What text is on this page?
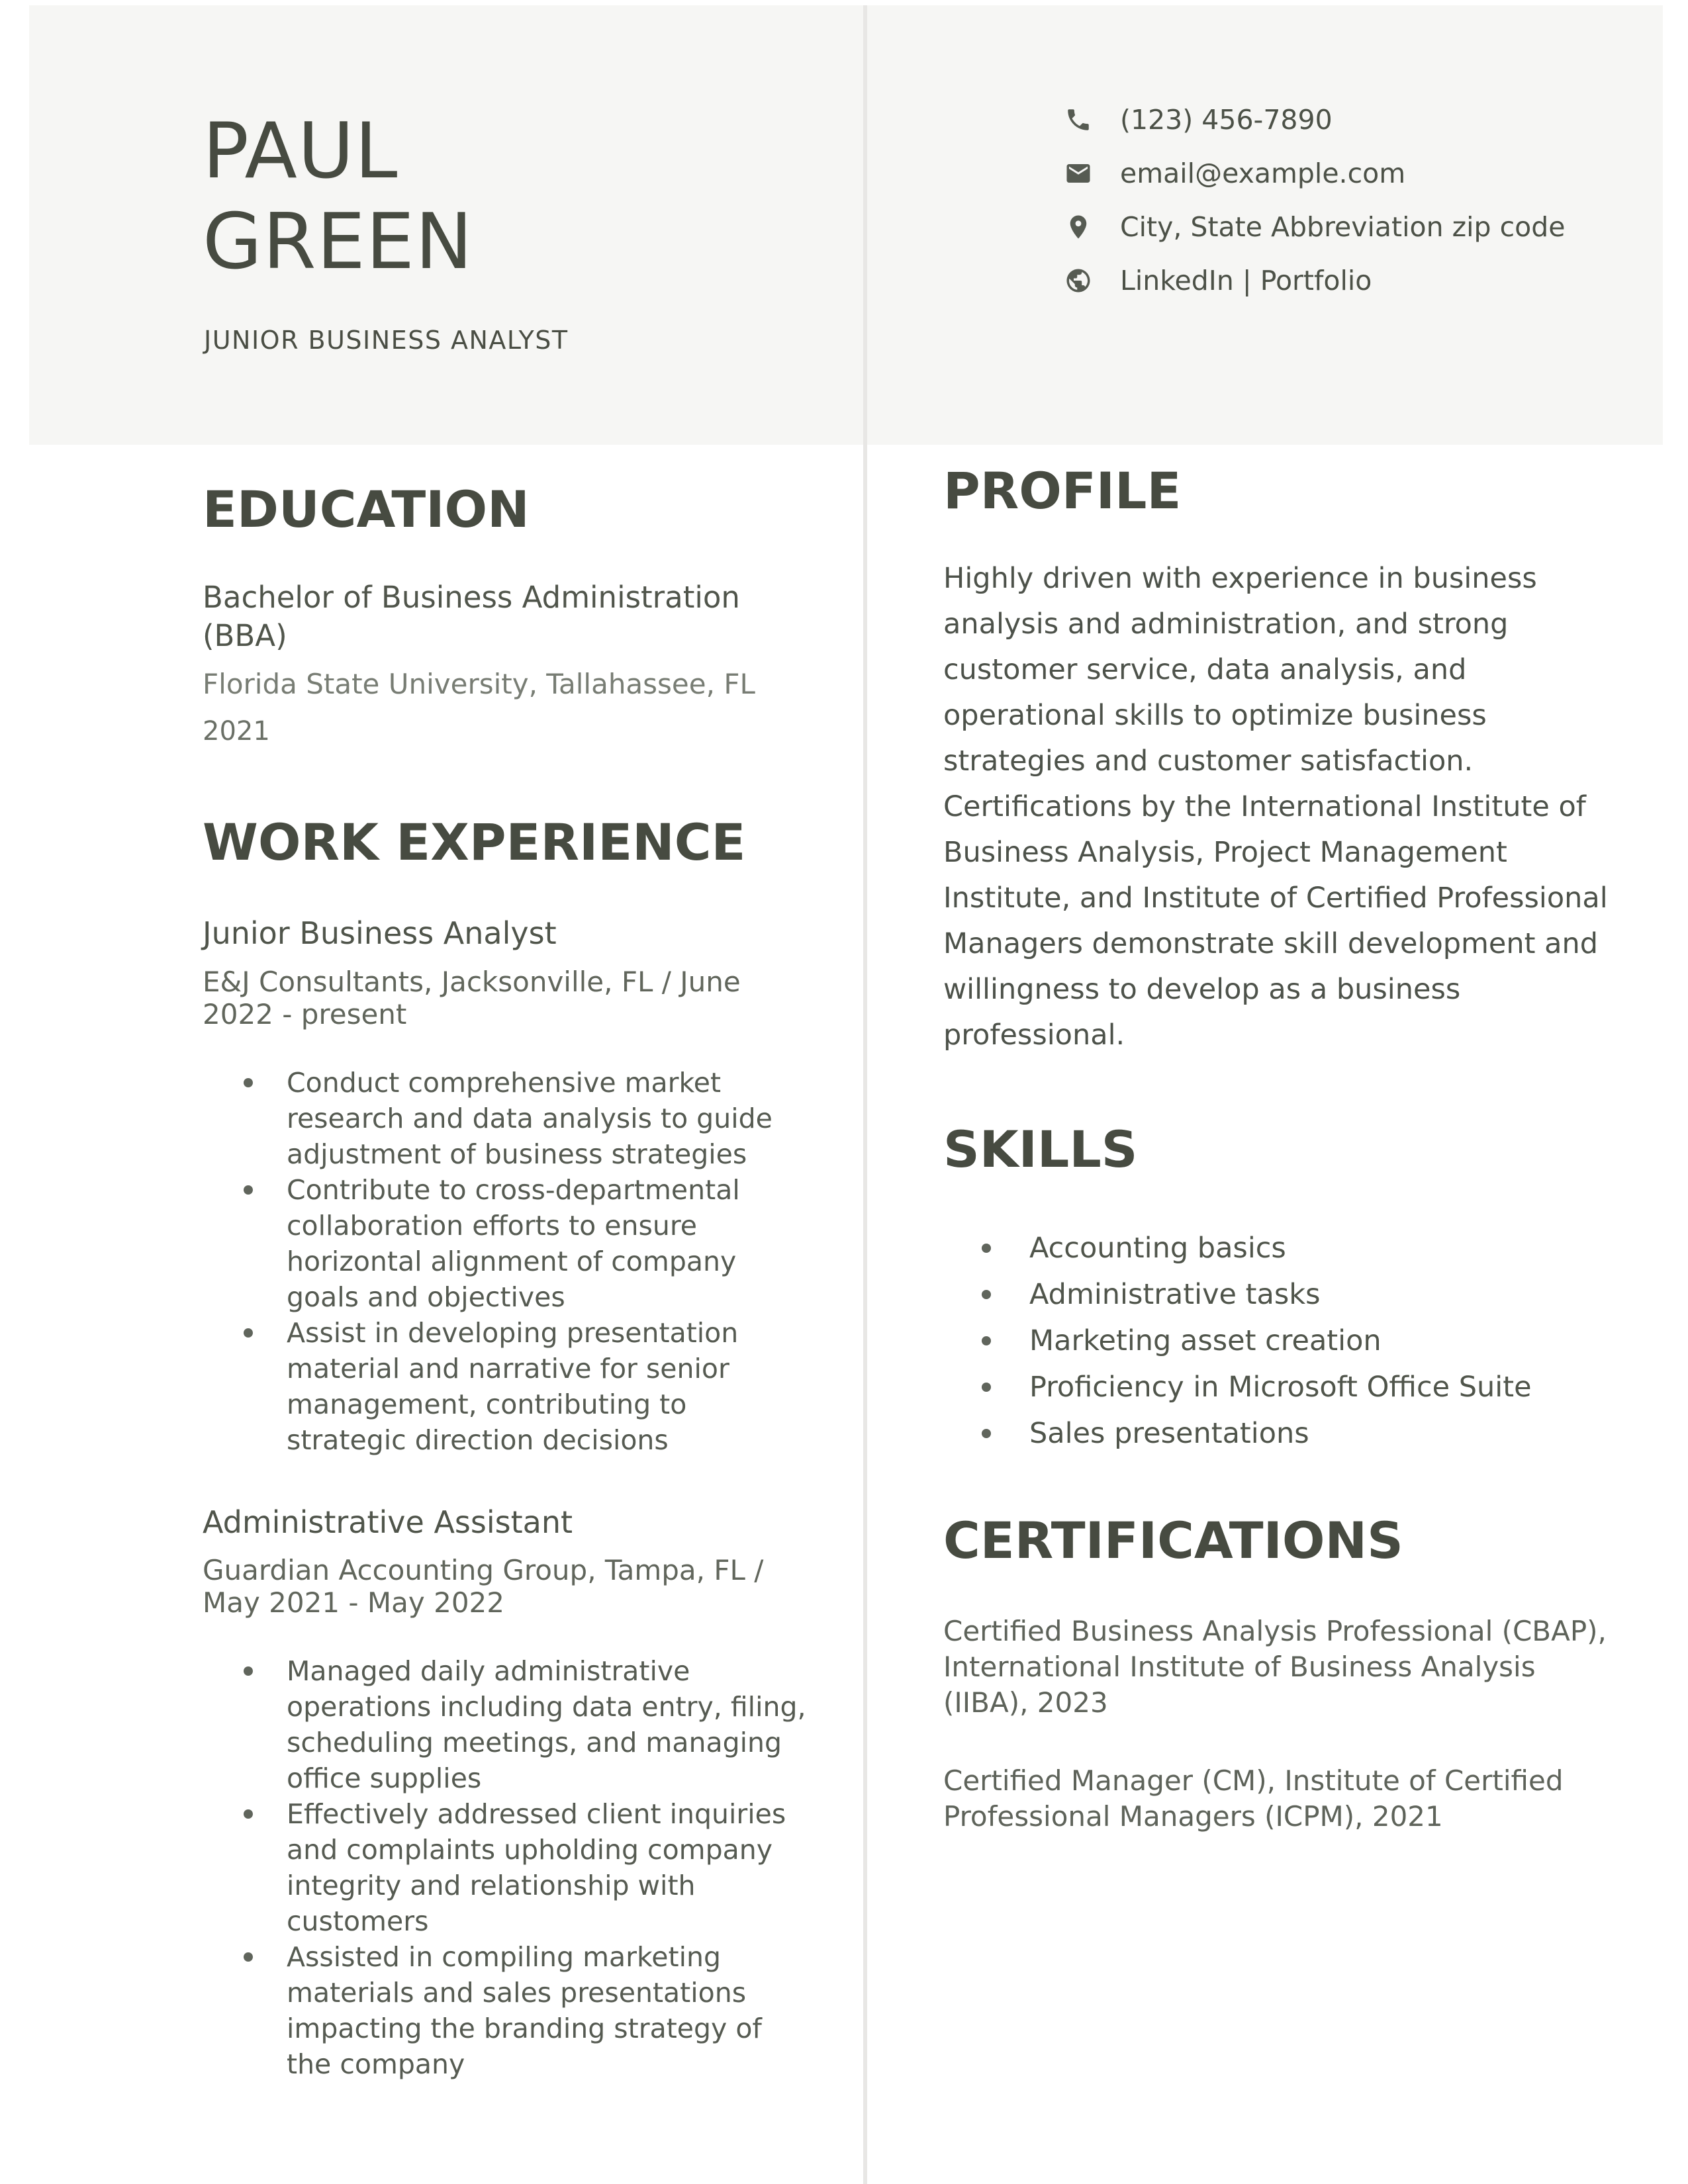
PAUL
GREEN
JUNIOR BUSINESS ANALYST
(123) 456-7890
email@example.com
City, State Abbreviation zip code
LinkedIn | Portfolio
EDUCATION

Bachelor of Business Administration (BBA)

Florida State University, Tallahassee, FL

2021

WORK EXPERIENCE
Junior Business Analyst

E&J Consultants, Jacksonville, FL / June 2022 - present

Conduct comprehensive market research and data analysis to guide adjustment of business strategies
Contribute to cross-departmental collaboration efforts to ensure horizontal alignment of company goals and objectives
Assist in developing presentation material and narrative for senior management, contributing to strategic direction decisions
Administrative Assistant

Guardian Accounting Group, Tampa, FL / May 2021 - May 2022

Managed daily administrative operations including data entry, filing, scheduling meetings, and managing office supplies
Effectively addressed client inquiries and complaints upholding company integrity and relationship with customers
Assisted in compiling marketing materials and sales presentations impacting the branding strategy of the company
PROFILE

Highly driven with experience in business analysis and administration, and strong customer service, data analysis, and operational skills to optimize business strategies and customer satisfaction. Certifications by the International Institute of Business Analysis, Project Management Institute, and Institute of Certified Professional Managers demonstrate skill development and willingness to develop as a business professional.

SKILLS
Accounting basics
Administrative tasks
Marketing asset creation
Proficiency in Microsoft Office Suite
Sales presentations
CERTIFICATIONS

Certified Business Analysis Professional (CBAP), International Institute of Business Analysis (IIBA), 2023

Certified Manager (CM), Institute of Certified Professional Managers (ICPM), 2021
